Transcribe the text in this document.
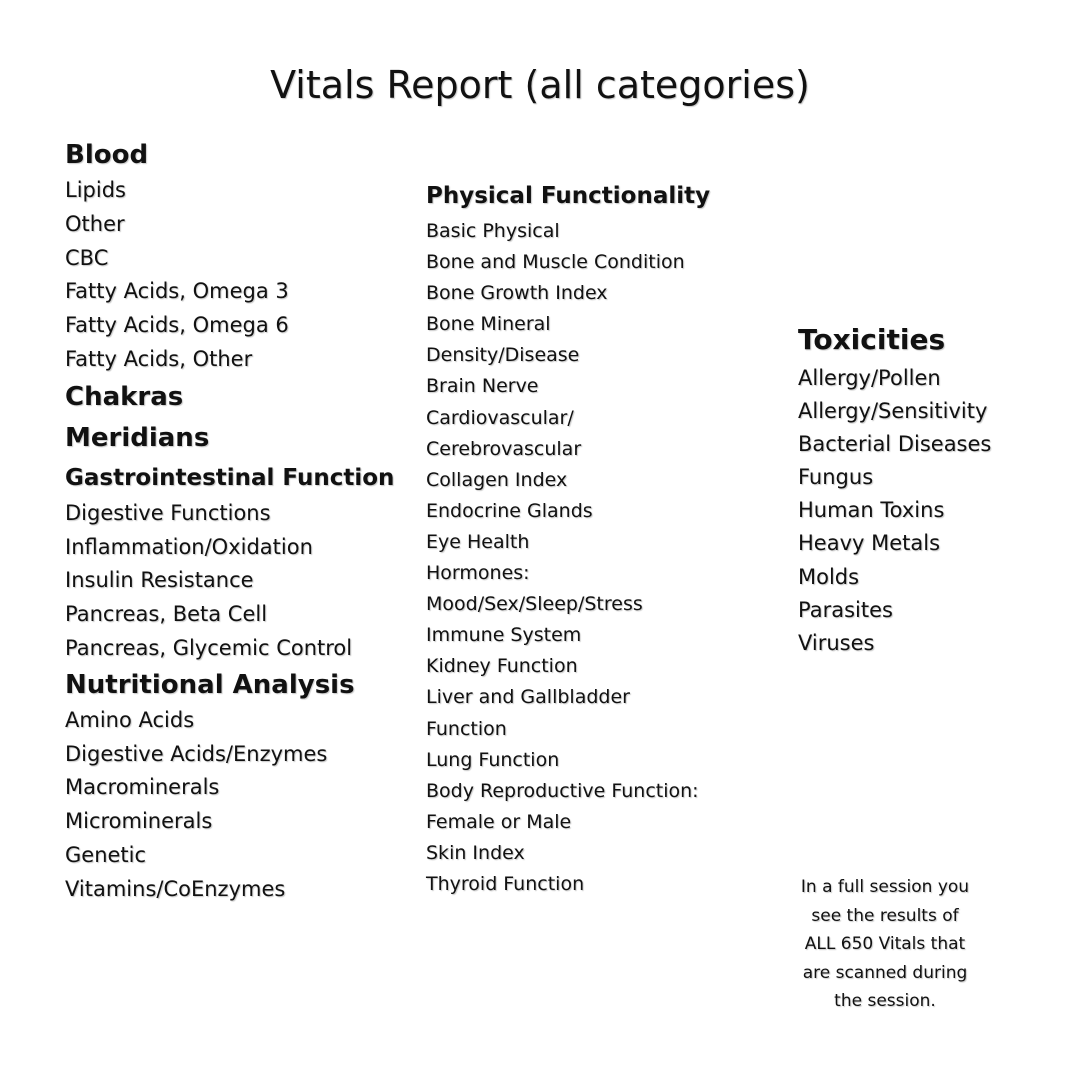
Vitals Report (all categories)
Blood
Lipids
Other
CBC
Fatty Acids, Omega 3
Fatty Acids, Omega 6
Fatty Acids, Other
Chakras
Meridians
Gastrointestinal Function
Digestive Functions
Inflammation/Oxidation
Insulin Resistance
Pancreas, Beta Cell
Pancreas, Glycemic Control
Nutritional Analysis
Amino Acids
Digestive Acids/Enzymes
Macrominerals
Microminerals
Genetic
Vitamins/CoEnzymes
Physical Functionality
Basic Physical
Bone and Muscle Condition
Bone Growth Index
Bone Mineral
Density/Disease
Brain Nerve
Cardiovascular/
Cerebrovascular
Collagen Index
Endocrine Glands
Eye Health
Hormones:
Mood/Sex/Sleep/Stress
Immune System
Kidney Function
Liver and Gallbladder
Function
Lung Function
Body Reproductive Function:
Female or Male
Skin Index
Thyroid Function
Toxicities
Allergy/Pollen
Allergy/Sensitivity
Bacterial Diseases
Fungus
Human Toxins
Heavy Metals
Molds
Parasites
Viruses
In a full session you
see the results of
ALL 650 Vitals that
are scanned during
the session.
